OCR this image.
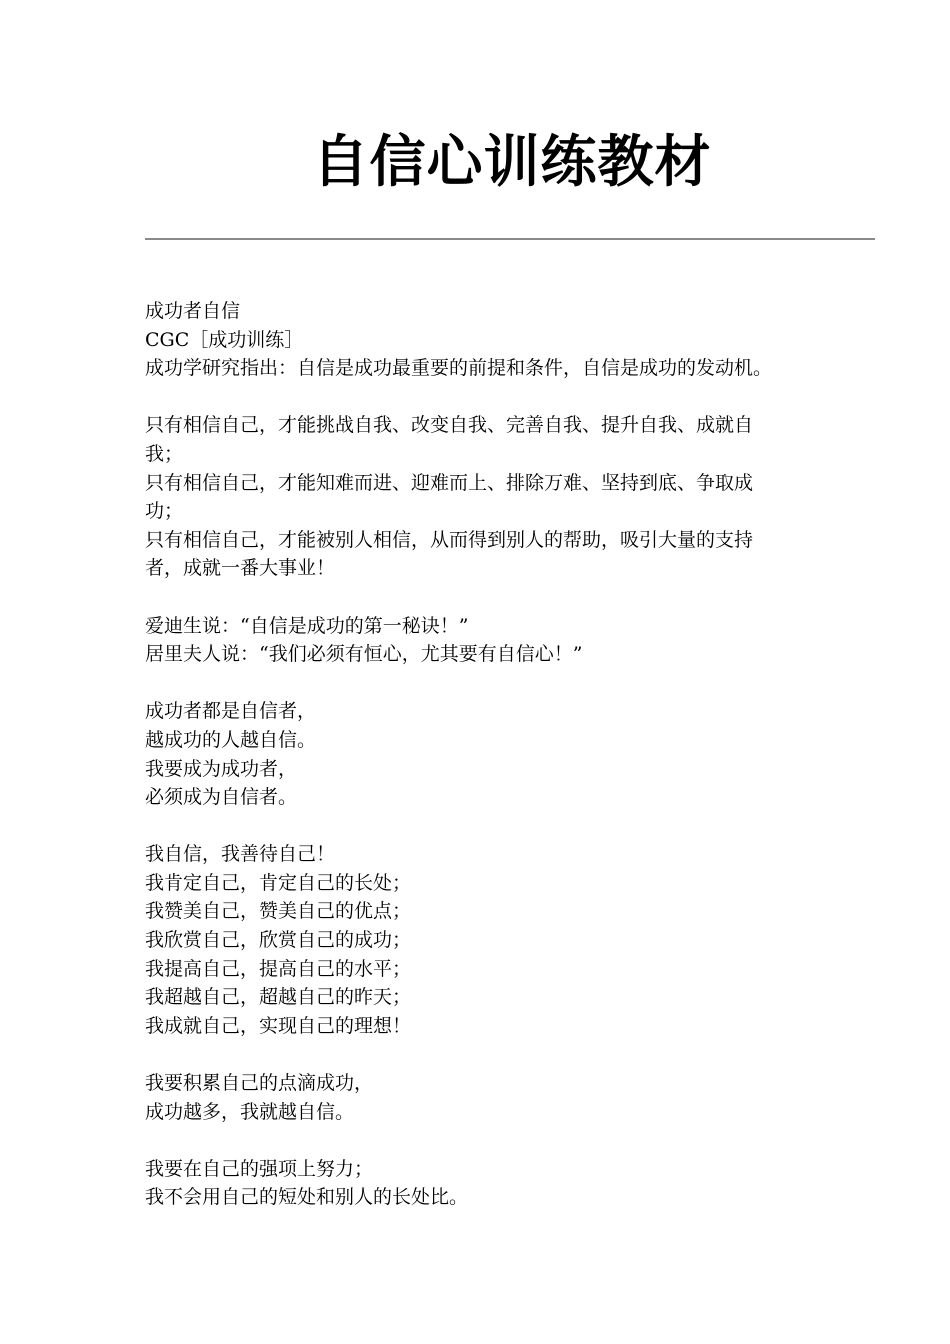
自信心训练教材
成功者自信
CGC［成功训练］
成功学研究指出：自信是成功最重要的前提和条件，自信是成功的发动机。
只有相信自己，才能挑战自我、改变自我、完善自我、提升自我、成就自
我；
只有相信自己，才能知难而进、迎难而上、排除万难、坚持到底、争取成
功；
只有相信自己，才能被别人相信，从而得到别人的帮助，吸引大量的支持
者，成就一番大事业！
爱迪生说：“自信是成功的第一秘诀！”
居里夫人说：“我们必须有恒心，尤其要有自信心！”
成功者都是自信者，
越成功的人越自信。
我要成为成功者，
必须成为自信者。
我自信，我善待自己！
我肯定自己，肯定自己的长处；
我赞美自己，赞美自己的优点；
我欣赏自己，欣赏自己的成功；
我提高自己，提高自己的水平；
我超越自己，超越自己的昨天；
我成就自己，实现自己的理想！
我要积累自己的点滴成功，
成功越多，我就越自信。
我要在自己的强项上努力；
我不会用自己的短处和别人的长处比。
